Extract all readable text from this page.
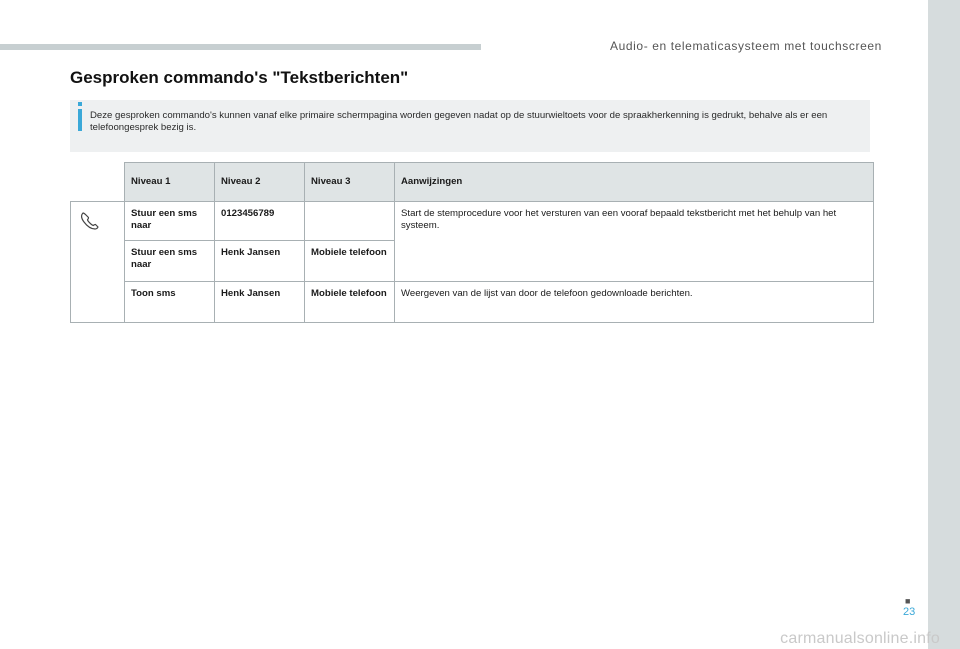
Audio- en telematicasysteem met touchscreen
Gesproken commando's "Tekstberichten"
Deze gesproken commando's kunnen vanaf elke primaire schermpagina worden gegeven nadat op de stuurwieltoets voor de spraakherkenning is gedrukt, behalve als er een telefoongesprek bezig is.
	Niveau 1	Niveau 2	Niveau 3	Aanwijzingen
	Stuur een sms naar	0123456789		Start de stemprocedure voor het versturen van een vooraf bepaald tekstbericht met het behulp van het systeem.
	Stuur een sms naar	Henk Jansen	Mobiele telefoon	
	Toon sms	Henk Jansen	Mobiele telefoon	Weergeven van de lijst van door de telefoon gedownloade berichten.
■
23
carmanualsonline.info
